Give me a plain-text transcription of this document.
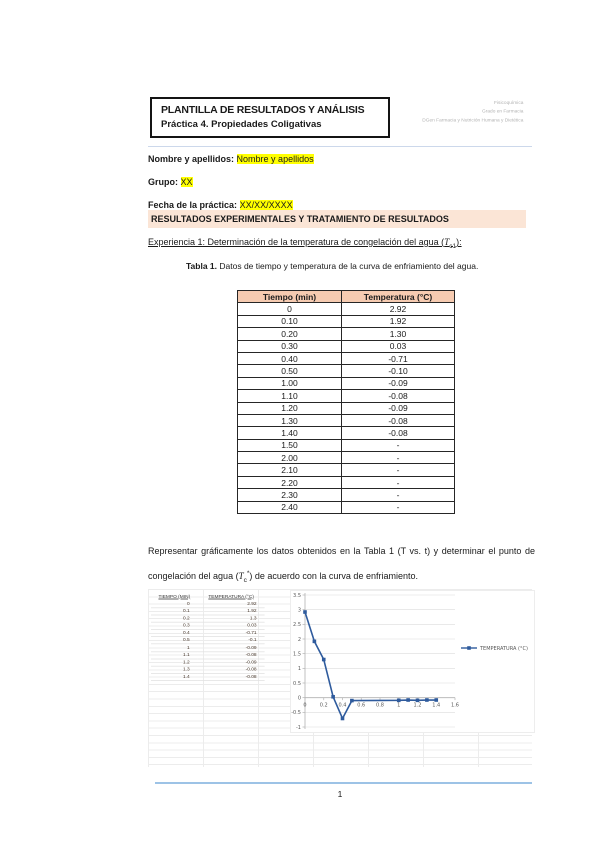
PLANTILLA DE RESULTADOS Y ANÁLISIS
Práctica 4. Propiedades Coligativas
Fisicoquímica
Grado en Farmacia
DGen Farmacia y Nutrición Humana y Dietética
Nombre y apellidos: Nombre y apellidos
Grupo: XX
Fecha de la práctica: XX/XX/XXXX
RESULTADOS EXPERIMENTALES Y TRATAMIENTO DE RESULTADOS
Experiencia 1: Determinación de la temperatura de congelación del agua $(T_{c1})$:
Tabla 1. Datos de tiempo y temperatura de la curva de enfriamiento del agua.
Tiempo (min)	Temperatura (°C)
0	2.92
0.10	1.92
0.20	1.30
0.30	0.03
0.40	-0.71
0.50	-0.10
1.00	-0.09
1.10	-0.08
1.20	-0.09
1.30	-0.08
1.40	-0.08
1.50	-
2.00	-
2.10	-
2.20	-
2.30	-
2.40	-
Representar gráficamente los datos obtenidos en la Tabla 1 (T vs. t) y determinar el punto de congelación del agua $(T_c^*)$ de acuerdo con la curva de enfriamiento.
TIEMPO (MIN)	TEMPERATURA (°C)
0	2.92
0.1	1.92
0.2	1.3
0.3	0.03
0.4	-0.71
0.5	-0.1
1	-0.09
1.1	-0.08
1.2	-0.09
1.3	-0.08
1.4	-0.08
-1
-0.5
0
0.5
1
1.5
2
2.5
3
3.5
0	0.2 0.4 0.6 0.8	1	1.2 1.4 1.6
TEMPERATURA (°C)
1
